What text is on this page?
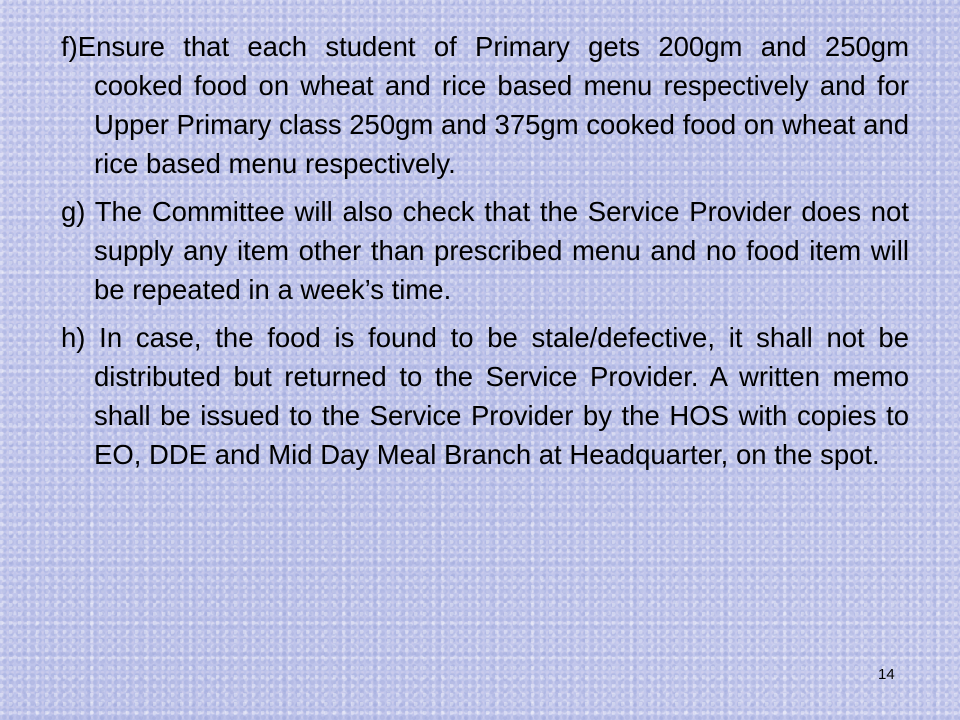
f)Ensure that each student of Primary gets 200gm and 250gm cooked food on wheat and rice based menu respectively and for Upper Primary class 250gm and 375gm cooked food on wheat and rice based menu respectively.

g) The Committee will also check that the Service Provider does not supply any item other than prescribed menu and no food item will be repeated in a week’s time.

h) In case, the food is found to be stale/defective, it shall not be distributed but returned to the Service Provider. A written memo shall be issued to the Service Provider by the HOS with copies to EO, DDE and Mid Day Meal Branch at Headquarter, on the spot.

14
